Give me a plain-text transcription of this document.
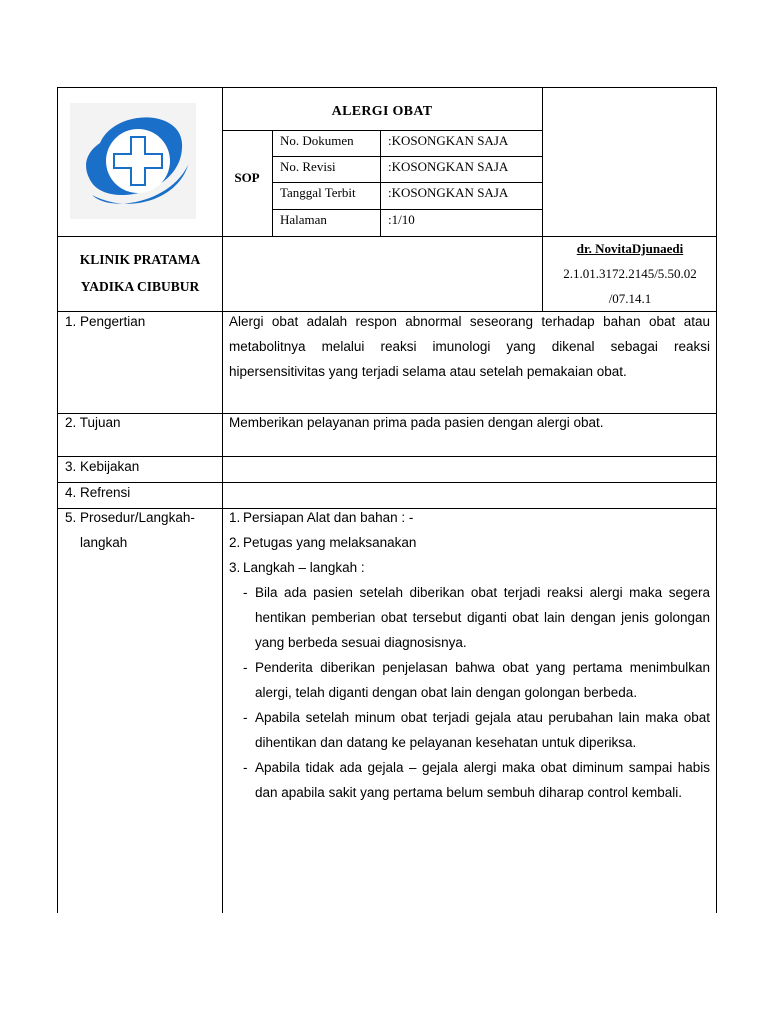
ALERGI OBAT
SOP
No. Dokumen	:KOSONGKAN SAJA
No. Revisi	:KOSONGKAN SAJA
Tanggal Terbit :KOSONGKAN SAJA
Halaman	:1/10
KLINIK PRATAMA
YADIKA CIBUBUR
dr. NovitaDjunaedi
2.1.01.3172.2145/5.50.02
/07.14.1
1. Pengertian	Alergi obat adalah respon abnormal seseorang terhadap bahan obat atau metabolitnya melalui reaksi imunologi yang dikenal sebagai reaksi hipersensitivitas yang terjadi selama atau setelah pemakaian obat.
2. Tujuan	Memberikan pelayanan prima pada pasien dengan alergi obat.
3. Kebijakan
4. Refrensi
5. Prosedur/Langkah-
langkah
1. Persiapan Alat dan bahan : -
2. Petugas yang melaksanakan
3. Langkah – langkah :
- Bila ada pasien setelah diberikan obat terjadi reaksi alergi maka segera hentikan pemberian obat tersebut diganti obat lain dengan jenis golongan yang berbeda sesuai diagnosisnya.
- Penderita diberikan penjelasan bahwa obat yang pertama menimbulkan alergi, telah diganti dengan obat lain dengan golongan berbeda.
- Apabila setelah minum obat terjadi gejala atau perubahan lain maka obat dihentikan dan datang ke pelayanan kesehatan untuk diperiksa.
- Apabila tidak ada gejala – gejala alergi maka obat diminum sampai habis dan apabila sakit yang pertama belum sembuh diharap control kembali.
